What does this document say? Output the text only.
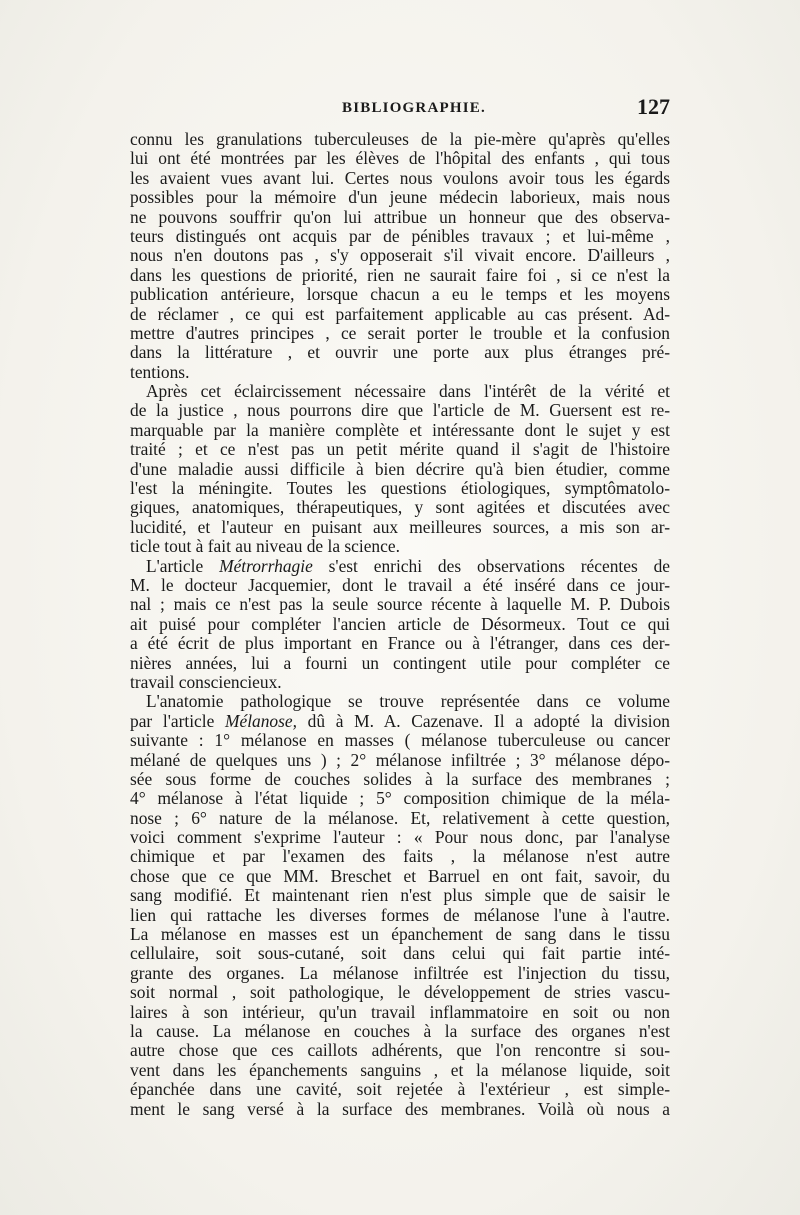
BIBLIOGRAPHIE.	127
connu les granulations tuberculeuses de la pie-mère qu'après qu'elles
lui ont été montrées par les élèves de l'hôpital des enfants , qui tous
les avaient vues avant lui. Certes nous voulons avoir tous les égards
possibles pour la mémoire d'un jeune médecin laborieux, mais nous
ne pouvons souffrir qu'on lui attribue un honneur que des observa-
teurs distingués ont acquis par de pénibles travaux ; et lui-même ,
nous n'en doutons pas , s'y opposerait s'il vivait encore. D'ailleurs ,
dans les questions de priorité, rien ne saurait faire foi , si ce n'est la
publication antérieure, lorsque chacun a eu le temps et les moyens
de réclamer , ce qui est parfaitement applicable au cas présent. Ad-
mettre d'autres principes , ce serait porter le trouble et la confusion
dans la littérature , et ouvrir une porte aux plus étranges pré-
tentions.
Après cet éclaircissement nécessaire dans l'intérêt de la vérité et
de la justice , nous pourrons dire que l'article de M. Guersent est re-
marquable par la manière complète et intéressante dont le sujet y est
traité ; et ce n'est pas un petit mérite quand il s'agit de l'histoire
d'une maladie aussi difficile à bien décrire qu'à bien étudier, comme
l'est la méningite. Toutes les questions étiologiques, symptômatolo-
giques, anatomiques, thérapeutiques, y sont agitées et discutées avec
lucidité, et l'auteur en puisant aux meilleures sources, a mis son ar-
ticle tout à fait au niveau de la science.
L'article Métrorrhagie s'est enrichi des observations récentes de
M. le docteur Jacquemier, dont le travail a été inséré dans ce jour-
nal ; mais ce n'est pas la seule source récente à laquelle M. P. Dubois
ait puisé pour compléter l'ancien article de Désormeux. Tout ce qui
a été écrit de plus important en France ou à l'étranger, dans ces der-
nières années, lui a fourni un contingent utile pour compléter ce
travail consciencieux.
L'anatomie pathologique se trouve représentée dans ce volume
par l'article Mélanose, dû à M. A. Cazenave. Il a adopté la division
suivante : 1° mélanose en masses ( mélanose tuberculeuse ou cancer
mélané de quelques uns ) ; 2° mélanose infiltrée ; 3° mélanose dépo-
sée sous forme de couches solides à la surface des membranes ;
4° mélanose à l'état liquide ; 5° composition chimique de la méla-
nose ; 6° nature de la mélanose. Et, relativement à cette question,
voici comment s'exprime l'auteur : « Pour nous donc, par l'analyse
chimique et par l'examen des faits , la mélanose n'est autre
chose que ce que MM. Breschet et Barruel en ont fait, savoir, du
sang modifié. Et maintenant rien n'est plus simple que de saisir le
lien qui rattache les diverses formes de mélanose l'une à l'autre.
La mélanose en masses est un épanchement de sang dans le tissu
cellulaire, soit sous-cutané, soit dans celui qui fait partie inté-
grante des organes. La mélanose infiltrée est l'injection du tissu,
soit normal , soit pathologique, le développement de stries vascu-
laires à son intérieur, qu'un travail inflammatoire en soit ou non
la cause. La mélanose en couches à la surface des organes n'est
autre chose que ces caillots adhérents, que l'on rencontre si sou-
vent dans les épanchements sanguins , et la mélanose liquide, soit
épanchée dans une cavité, soit rejetée à l'extérieur , est simple-
ment le sang versé à la surface des membranes. Voilà où nous a
